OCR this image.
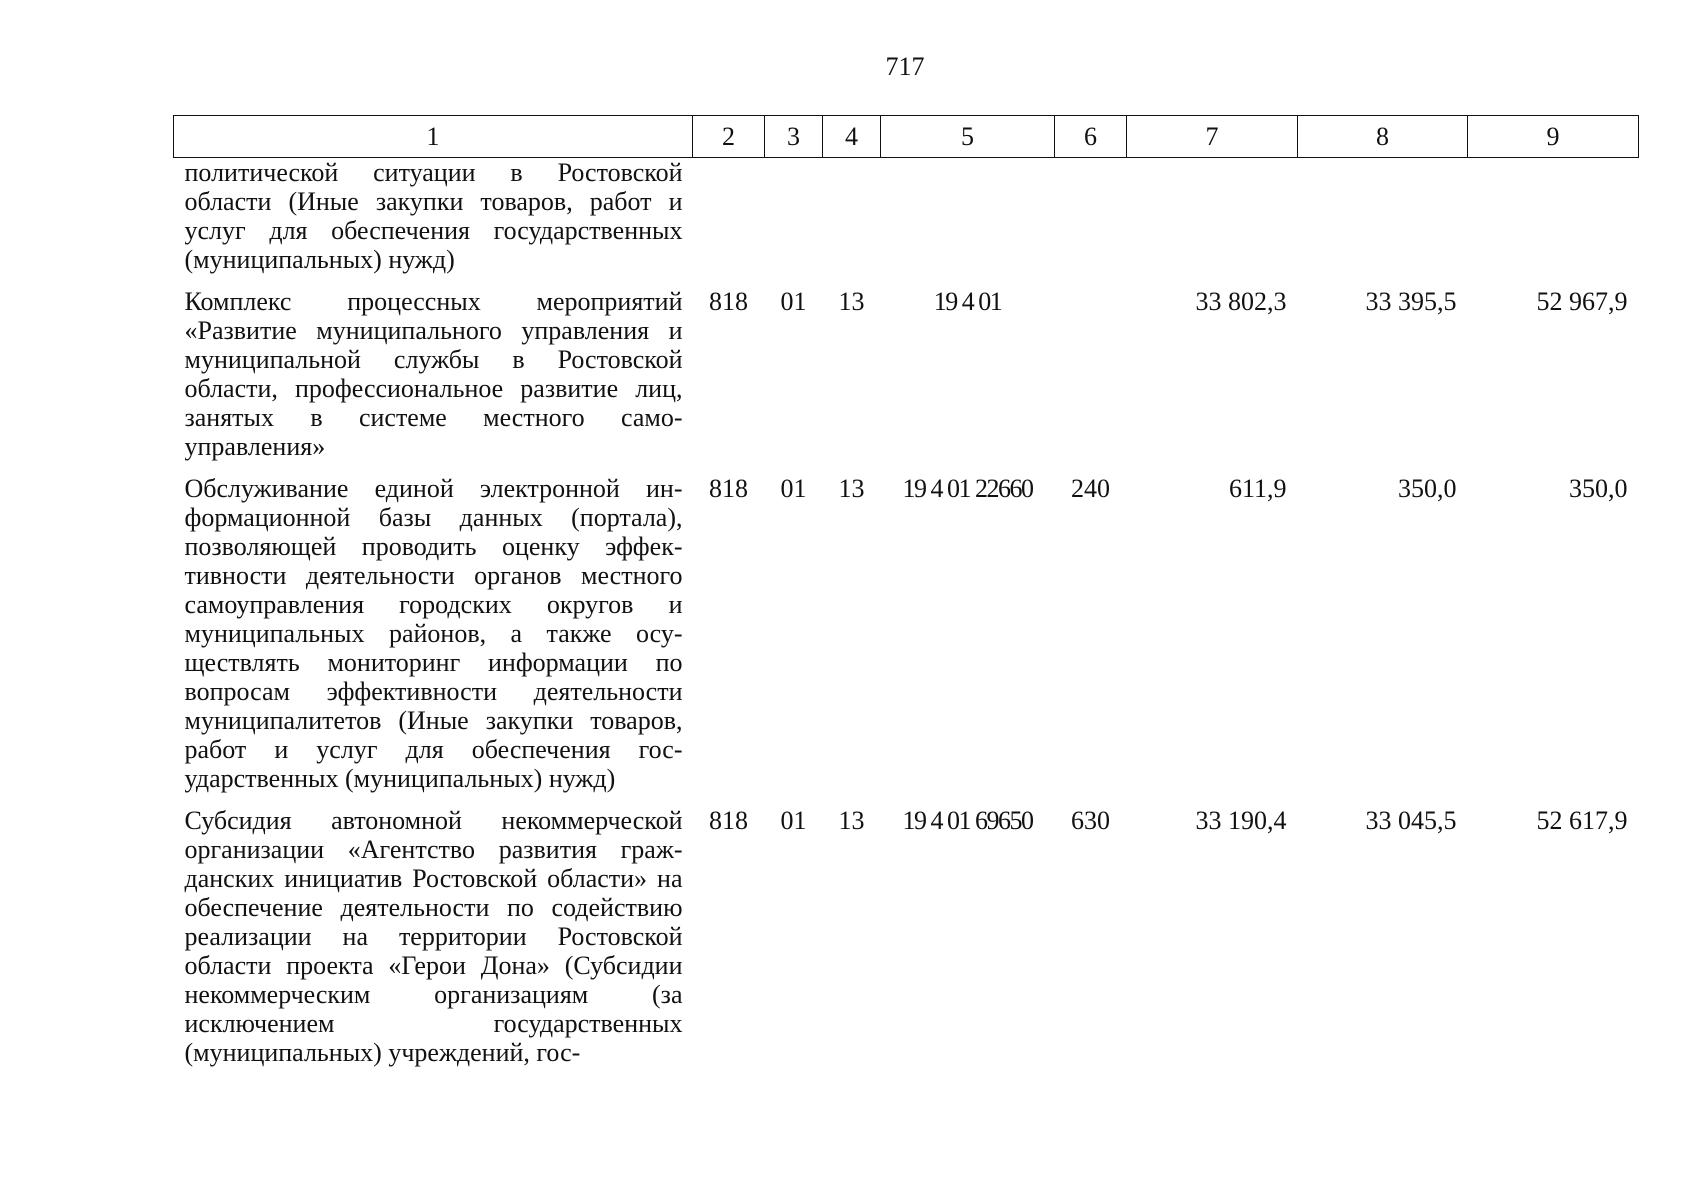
717
1	2	3	4	5	6	7	8	9
политической ситуации в Ростовской области (Иные закупки товаров, работ и услуг для обеспечения государственных (муниципальных) нужд)								
Комплекс процессных мероприятий «Развитие муниципального управления и муниципальной службы в Ростовской области, профессиональное развитие лиц, занятых в системе местного самоуправления»	818	01	13	19 4 01		33 802,3	33 395,5	52 967,9
Обслуживание единой электронной информационной базы данных (портала), позволяющей проводить оценку эффективности деятельности органов местного самоуправления городских округов и муниципальных районов, а также осуществлять мониторинг информации по вопросам эффективности деятельности муниципалитетов (Иные закупки товаров, работ и услуг для обеспечения государственных (муниципальных) нужд)	818	01	13	19 4 01 22660	240	611,9	350,0	350,0
Субсидия автономной некоммерческой организации «Агентство развития гражданских инициатив Ростовской области» на обеспечение деятельности по содействию реализации на территории Ростовской области проекта «Герои Дона» (Субсидии некоммерческим организациям (за исключением государственных (муниципальных) учреждений, гос-	818	01	13	19 4 01 69650	630	33 190,4	33 045,5	52 617,9
